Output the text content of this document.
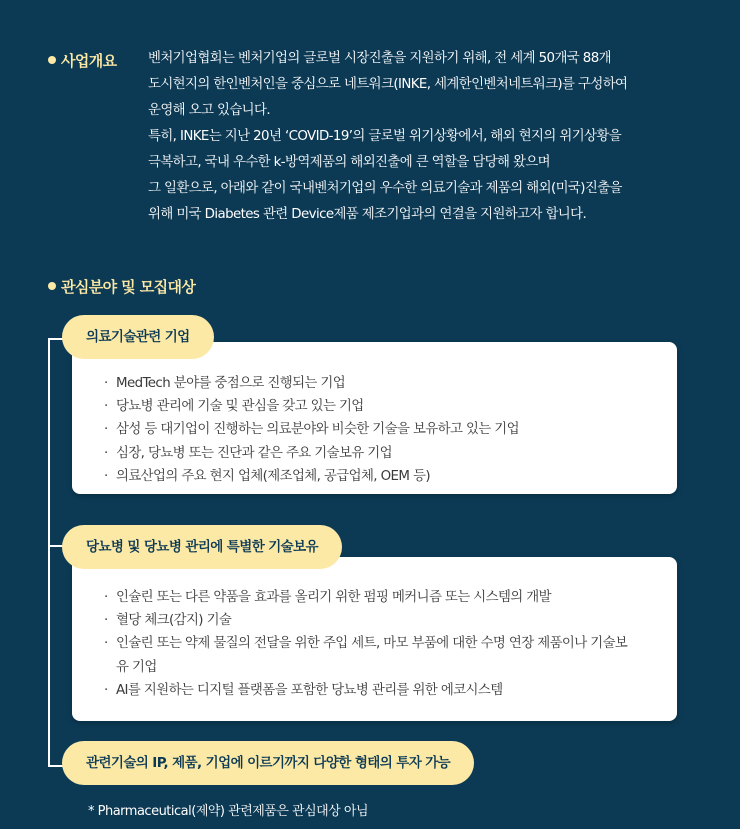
사업개요 벤처기업협회는 벤처기업의 글로벌 시장진출을 지원하기 위해, 전 세계 50개국 88개

도시현지의 한인벤처인을 중심으로 네트워크(INKE, 세계한인벤처네트워크)를 구성하여

운영해 오고 있습니다.

특히, INKE는 지난 20년 ‘COVID-19’의 글로벌 위기상황에서, 해외 현지의 위기상황을

극복하고, 국내 우수한 k-방역제품의 해외진출에 큰 역할을 담당해 왔으며

그 일환으로, 아래와 같이 국내벤처기업의 우수한 의료기술과 제품의 해외(미국)진출을

위해 미국 Diabetes 관련 Device제품 제조기업과의 연결을 지원하고자 합니다.

관심분야 및 모집대상
· MedTech 분야를 중점으로 진행되는 기업
· 당뇨병 관리에 기술 및 관심을 갖고 있는 기업
· 삼성 등 대기업이 진행하는 의료분야와 비슷한 기술을 보유하고 있는 기업
· 심장, 당뇨병 또는 진단과 같은 주요 기술보유 기업
· 의료산업의 주요 현지 업체(제조업체, 공급업체, OEM 등)
의료기술관련 기업
· 인슐린 또는 다른 약품을 효과를 올리기 위한 펌핑 메커니즘 또는 시스템의 개발
· 혈당 체크(감지) 기술
· 인슐린 또는 약제 물질의 전달을 위한 주입 세트, 마모 부품에 대한 수명 연장 제품이나 기술보유 기업
· AI를 지원하는 디지털 플랫폼을 포함한 당뇨병 관리를 위한 에코시스템
당뇨병 및 당뇨병 관리에 특별한 기술보유
관련기술의 IP, 제품, 기업에 이르기까지 다양한 형태의 투자 가능
* Pharmaceutical(제약) 관련제품은 관심대상 아님
